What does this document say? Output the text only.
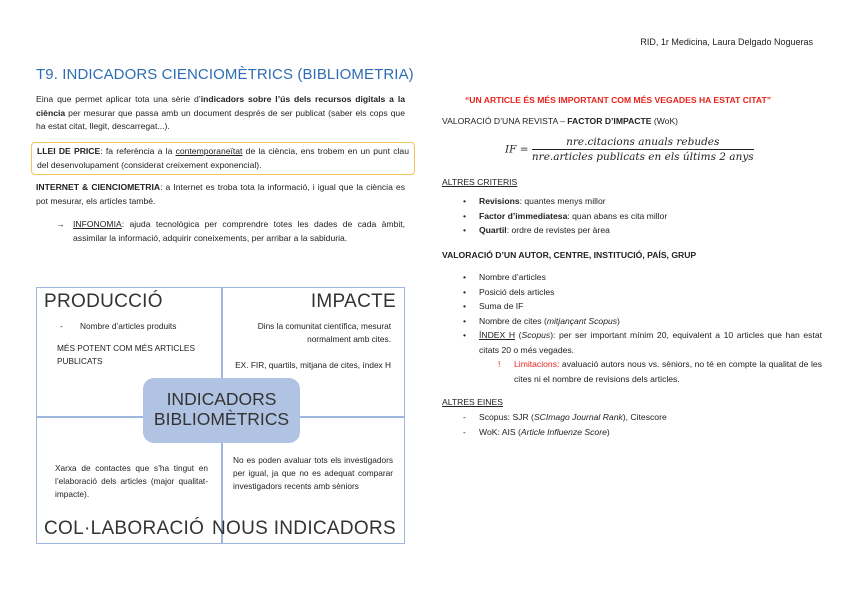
RID, 1r Medicina, Laura Delgado Nogueras
T9. INDICADORS CIENCIOMÈTRICS (BIBLIOMETRIA)
Eina que permet aplicar tota una sèrie d’indicadors sobre l’ús dels recursos digitals a la ciència per mesurar que passa amb un document després de ser publicat (saber els cops que ha estat citat, llegit, descarregat...).
LLEI DE PRICE: fa referència a la contemporaneïtat de la ciència, ens trobem en un punt clau del desenvolupament (considerat creixement exponencial).
INTERNET & CIENCIOMETRIA: a Internet es troba tota la informació, i igual que la ciència es pot mesurar, els articles també.
→ INFONOMIA: ajuda tecnològica per comprendre totes les dades de cada àmbit, assimilar la informació, adquirir coneixements, per arribar a la sabiduria.
PRODUCCIÓ
- Nombre d’articles produits
MÉS POTENT COM MÉS ARTICLES PUBLICATS
IMPACTE
Dins la comunitat científica, mesurat normalment amb cites.
EX. FIR, quartils, mitjana de cites, índex H
INDICADORS
BIBLIOMÈTRICS
Xarxa de contactes que s’ha tingut en l’elaboració dels articles (major qualitat-impacte).
COL·LABORACIÓ
No es poden avaluar tots els investigadors per igual, ja que no es adequat comparar investigadors recents amb sèniors
NOUS INDICADORS
“UN ARTICLE ÉS MÉS IMPORTANT COM MÉS VEGADES HA ESTAT CITAT”
VALORACIÓ D’UNA REVISTA – FACTOR D’IMPACTE (WoK)
IF = $\frac{\text{nre.citacions anuals rebudes}}{\text{nre.articles publicats en els últims 2 anys}}$
ALTRES CRITERIS
• Revisions: quantes menys millor
• Factor d’immediatesa: quan abans es cita millor
• Quartil: ordre de revistes per àrea
VALORACIÓ D’UN AUTOR, CENTRE, INSTITUCIÓ, PAÍS, GRUP
• Nombre d’articles
• Posició dels articles
• Suma de IF
• Nombre de cites (mitjançant Scopus)
• ÍNDEX H (Scopus): per ser important mínim 20, equivalent a 10 articles que han estat citats 20 o més vegades.
! Limitacions: avaluació autors nous vs. sèniors, no té en compte la qualitat de les cites ni el nombre de revisions dels articles.
ALTRES EINES
- Scopus: SJR (SCImago Journal Rank), Citescore
- WoK: AIS (Article Influenze Score)
